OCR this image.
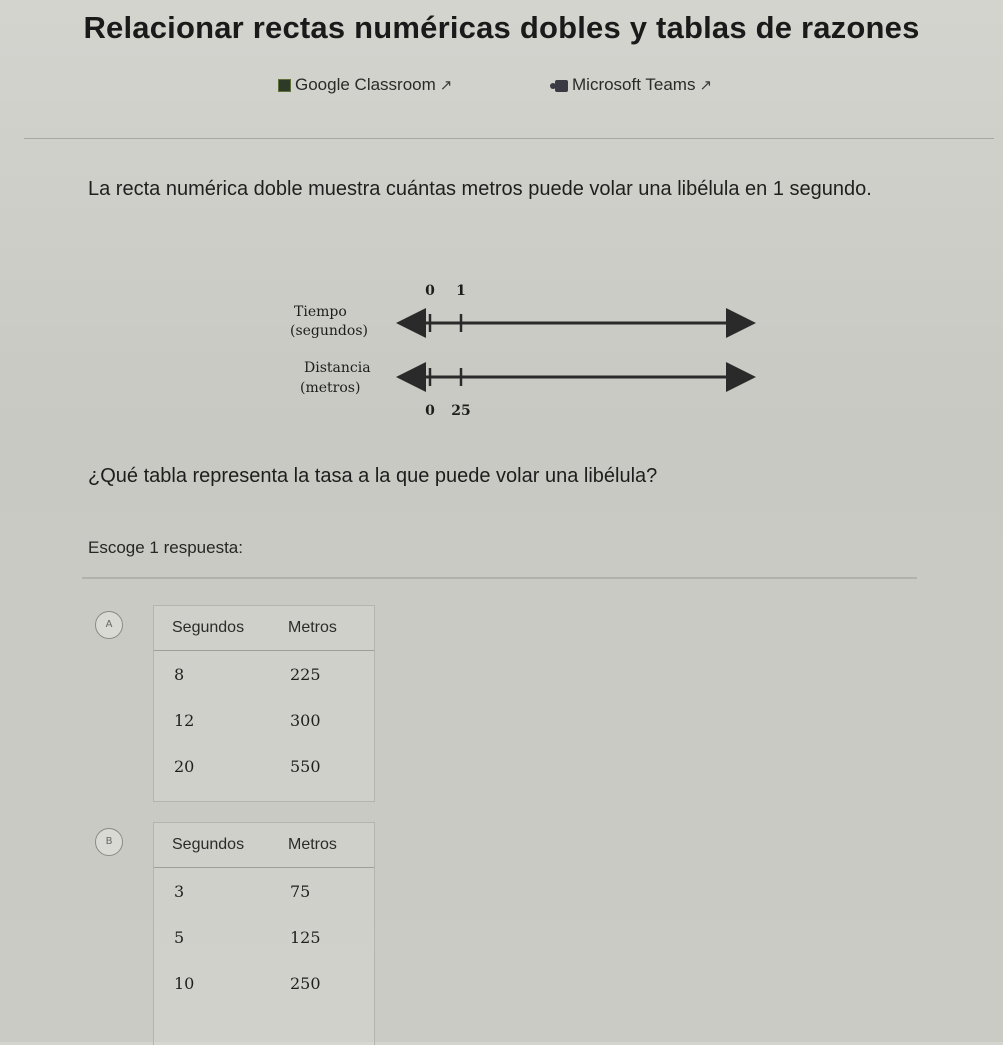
Relacionar rectas numéricas dobles y tablas de razones
Google Classroom ↗	Microsoft Teams ↗
La recta numérica doble muestra cuántas metros puede volar una libélula en 1 segundo.
0 1
Tiempo
(segundos)
Distancia
(metros)
0 25
¿Qué tabla representa la tasa a la que puede volar una libélula?
Escoge 1 respuesta:
A	Segundos	Metros
8	225
12	300
20	550
B	Segundos	Metros
3	75
5	125
10	250
